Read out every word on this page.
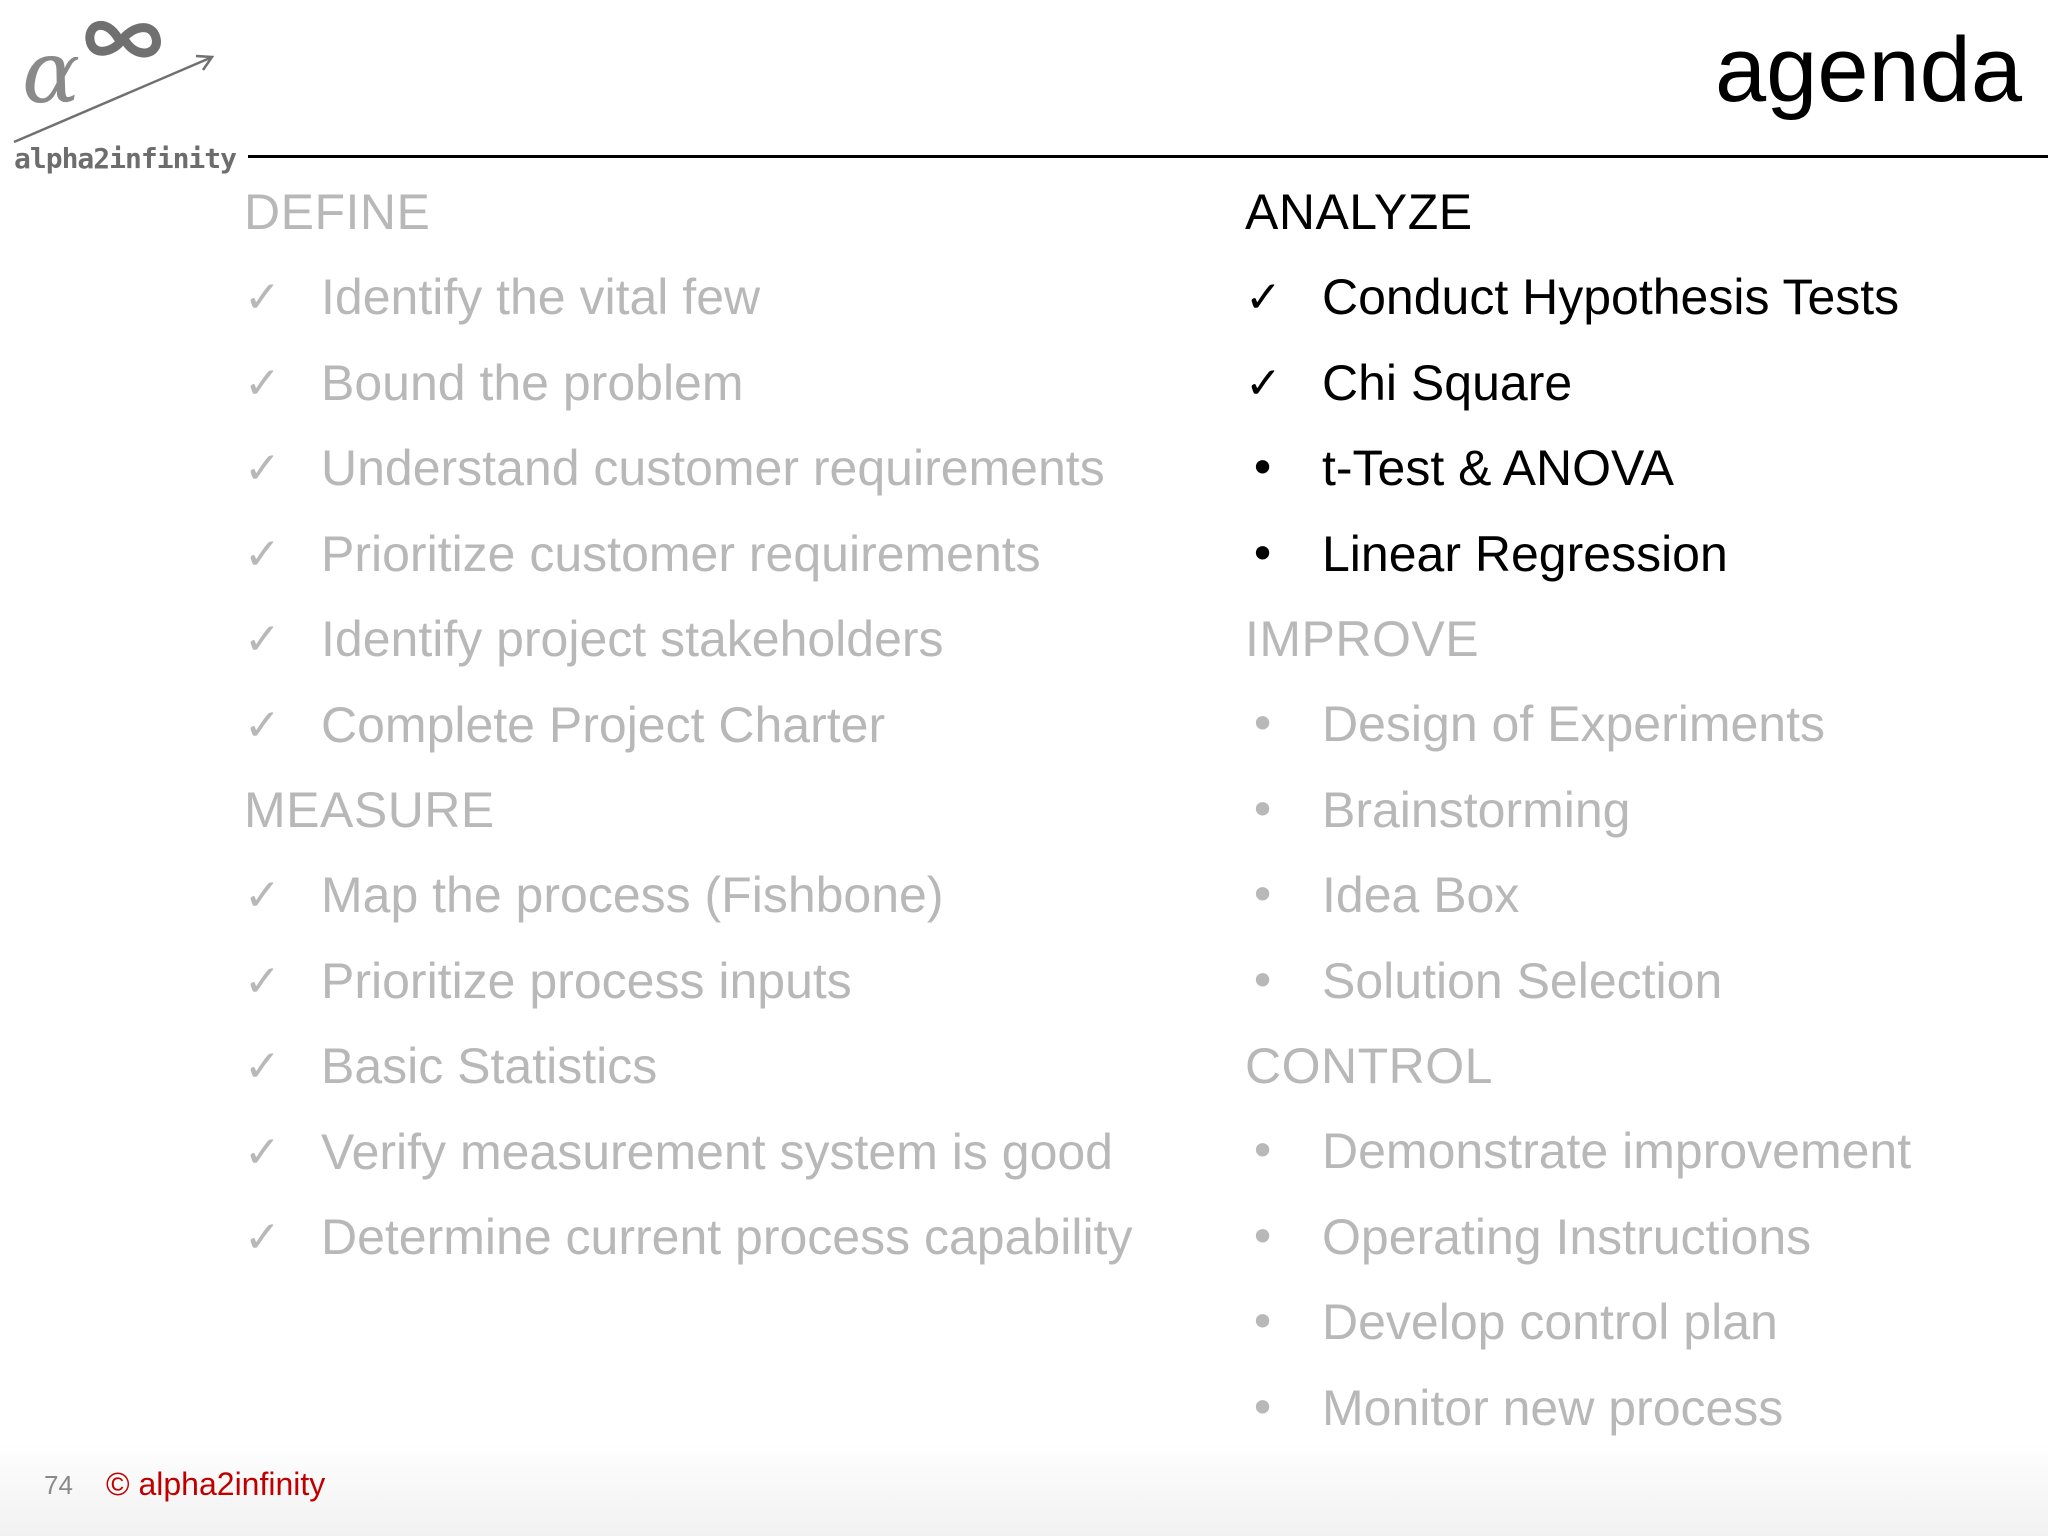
α
alpha2infinity
agenda
DEFINE
✓ Identify the vital few
✓ Bound the problem
✓ Understand customer requirements
✓ Prioritize customer requirements
✓ Identify project stakeholders
✓ Complete Project Charter
MEASURE
✓ Map the process (Fishbone)
✓ Prioritize process inputs
✓ Basic Statistics
✓ Verify measurement system is good
✓ Determine current process capability
ANALYZE
✓ Conduct Hypothesis Tests
✓ Chi Square
• t-Test & ANOVA
• Linear Regression
IMPROVE
• Design of Experiments
• Brainstorming
• Idea Box
• Solution Selection
CONTROL
• Demonstrate improvement
• Operating Instructions
• Develop control plan
• Monitor new process
74 © alpha2infinity
